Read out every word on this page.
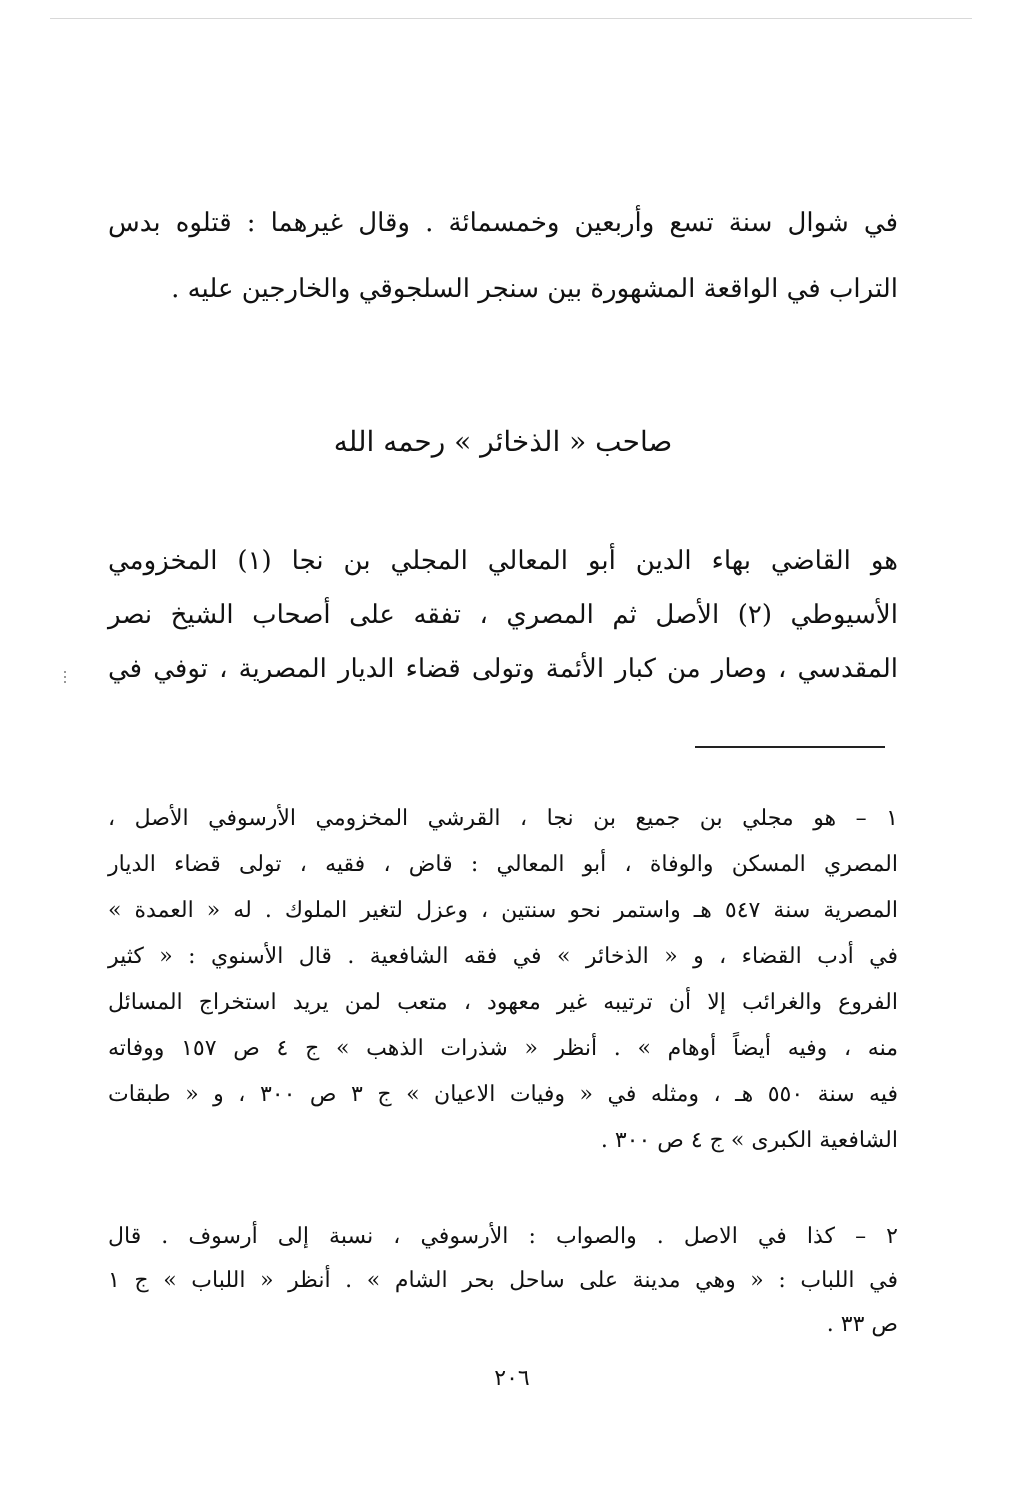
في شوال سنة تسع وأربعين وخمسمائة . وقال غيرهما : قتلوه بدس
التراب في الواقعة المشهورة بين سنجر السلجوقي والخارجين عليه .
صاحب « الذخائر » رحمه الله
هو القاضي بهاء الدين أبو المعالي المجلي بن نجا (١) المخزومي
الأسيوطي (٢) الأصل ثم المصري ، تفقه على أصحاب الشيخ نصر
المقدسي ، وصار من كبار الأئمة وتولى قضاء الديار المصرية ، توفي في
١ – هو مجلي بن جميع بن نجا ، القرشي المخزومي الأرسوفي الأصل ،
المصري المسكن والوفاة ، أبو المعالي : قاض ، فقيه ، تولى قضاء الديار
المصرية سنة ٥٤٧ هـ واستمر نحو سنتين ، وعزل لتغير الملوك . له « العمدة »
في أدب القضاء ، و « الذخائر » في فقه الشافعية . قال الأسنوي : « كثير
الفروع والغرائب إلا أن ترتيبه غير معهود ، متعب لمن يريد استخراج المسائل
منه ، وفيه أيضاً أوهام » . أنظر « شذرات الذهب » ج ٤ ص ١٥٧ ووفاته
فيه سنة ٥٥٠ هـ ، ومثله في « وفيات الاعيان » ج ٣ ص ٣٠٠ ، و « طبقات
الشافعية الكبرى » ج ٤ ص ٣٠٠ .
٢ – كذا في الاصل . والصواب : الأرسوفي ، نسبة إلى أرسوف . قال
في اللباب : « وهي مدينة على ساحل بحر الشام » . أنظر « اللباب » ج ١
ص ٣٣ .
٢٠٦
